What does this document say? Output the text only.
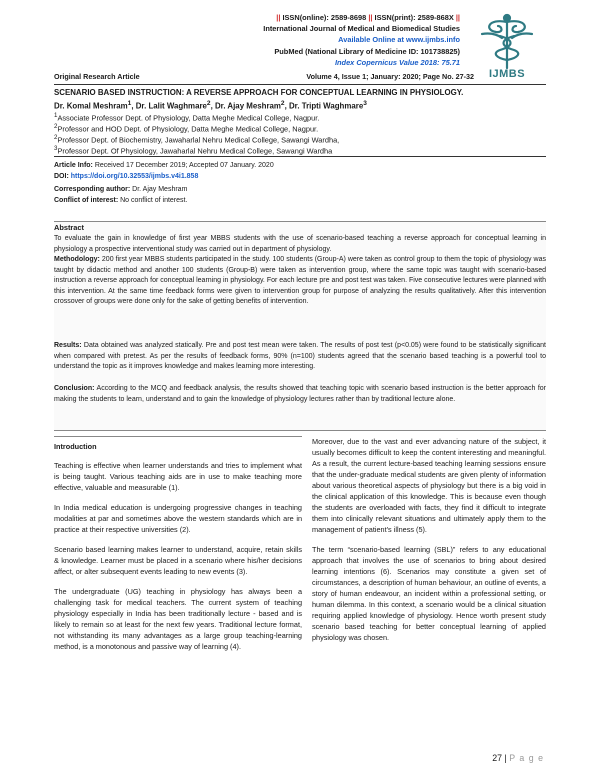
|| ISSN(online): 2589-8698 || ISSN(print): 2589-868X ||
International Journal of Medical and Biomedical Studies
Available Online at www.ijmbs.info
PubMed (National Library of Medicine ID: 101738825)
Index Copernicus Value 2018: 75.71
IJMBS
Original Research Article	Volume 4, Issue 1; January: 2020; Page No. 27-32
SCENARIO BASED INSTRUCTION: A REVERSE APPROACH FOR CONCEPTUAL LEARNING IN PHYSIOLOGY.
Dr. Komal Meshram$^1$, Dr. Lalit Waghmare$^2$, Dr. Ajay Meshram$^2$, Dr. Tripti Waghmare$^3$
$^1$Associate Professor Dept. of Physiology, Datta Meghe Medical College, Nagpur.
$^2$Professor and HOD Dept. of Physiology, Datta Meghe Medical College, Nagpur.
$^2$Professor Dept. of Biochemistry, Jawaharlal Nehru Medical College, Sawangi Wardha,
$^3$Professor Dept. Of Physiology, Jawaharlal Nehru Medical College, Sawangi Wardha
Article Info: Received 17 December 2019; Accepted 07 January. 2020
DOI: https://doi.org/10.32553/ijmbs.v4i1.858
Corresponding author: Dr. Ajay Meshram
Conflict of interest: No conflict of interest.
Abstract
To evaluate the gain in knowledge of first year MBBS students with the use of scenario-based teaching a reverse approach for conceptual learning in physiology a prospective interventional study was carried out in department of physiology.
Methodology: 200 first year MBBS students participated in the study. 100 students (Group-A) were taken as control group to them the topic of physiology was taught by didactic method and another 100 students (Group-B) were taken as intervention group, where the same topic was taught with scenario-based instruction a reverse approach for conceptual learning in physiology. For each lecture pre and post test was taken. Five consecutive lectures were planned with this intervention. At the same time feedback forms were given to intervention group for purpose of analyzing the results qualitatively. After this intervention crossover of groups were done only for the sake of getting benefits of intervention.
Results: Data obtained was analyzed statically. Pre and post test mean were taken. The results of post test (p<0.05) were found to be statistically significant when compared with pretest. As per the results of feedback forms, 90% (n=100) students agreed that the scenario based teaching is a powerful tool to understand the topic as it improves knowledge and makes learning more interesting.
Conclusion: According to the MCQ and feedback analysis, the results showed that teaching topic with scenario based instruction is the better approach for making the students to learn, understand and to gain the knowledge of physiology lectures rather than by traditional lecture alone.
Introduction

Teaching is effective when learner understands and tries to implement what is being taught. Various teaching aids are in use to make teaching more effective, valuable and measurable (1).

In India medical education is undergoing progressive changes in teaching modalities at par and sometimes above the western standards which are in practice at their respective universities (2).

Scenario based learning makes learner to understand, acquire, retain skills & knowledge. Learner must be placed in a scenario where his/her decisions affect, or alter subsequent events leading to new events (3).

The undergraduate (UG) teaching in physiology has always been a challenging task for medical teachers. The current system of teaching physiology especially in India has been traditionally lecture - based and is likely to remain so at least for the next few years. Traditional lecture format, not withstanding its many advantages as a large group teaching-learning method, is a monotonous and passive way of learning (4).

Moreover, due to the vast and ever advancing nature of the subject, it usually becomes difficult to keep the content interesting and meaningful. As a result, the current lecture-based teaching learning sessions ensure that the under-graduate medical students are given plenty of information about various theoretical aspects of physiology but there is a big void in the clinical application of this knowledge. This is because even though the students are overloaded with facts, they find it difficult to integrate them into clinically relevant situations and ultimately apply them to the management of patient's illness (5).

The term “scenario-based learning (SBL)” refers to any educational approach that involves the use of scenarios to bring about desired learning intentions (6). Scenarios may constitute a given set of circumstances, a description of human behaviour, an outline of events, a story of human endeavour, an incident within a professional setting, or human dilemma. In this context, a scenario would be a clinical situation requiring applied knowledge of physiology. Hence worth present study scenario based teaching for better conceptual learning of applied physiology was chosen.

27 | P a g e
